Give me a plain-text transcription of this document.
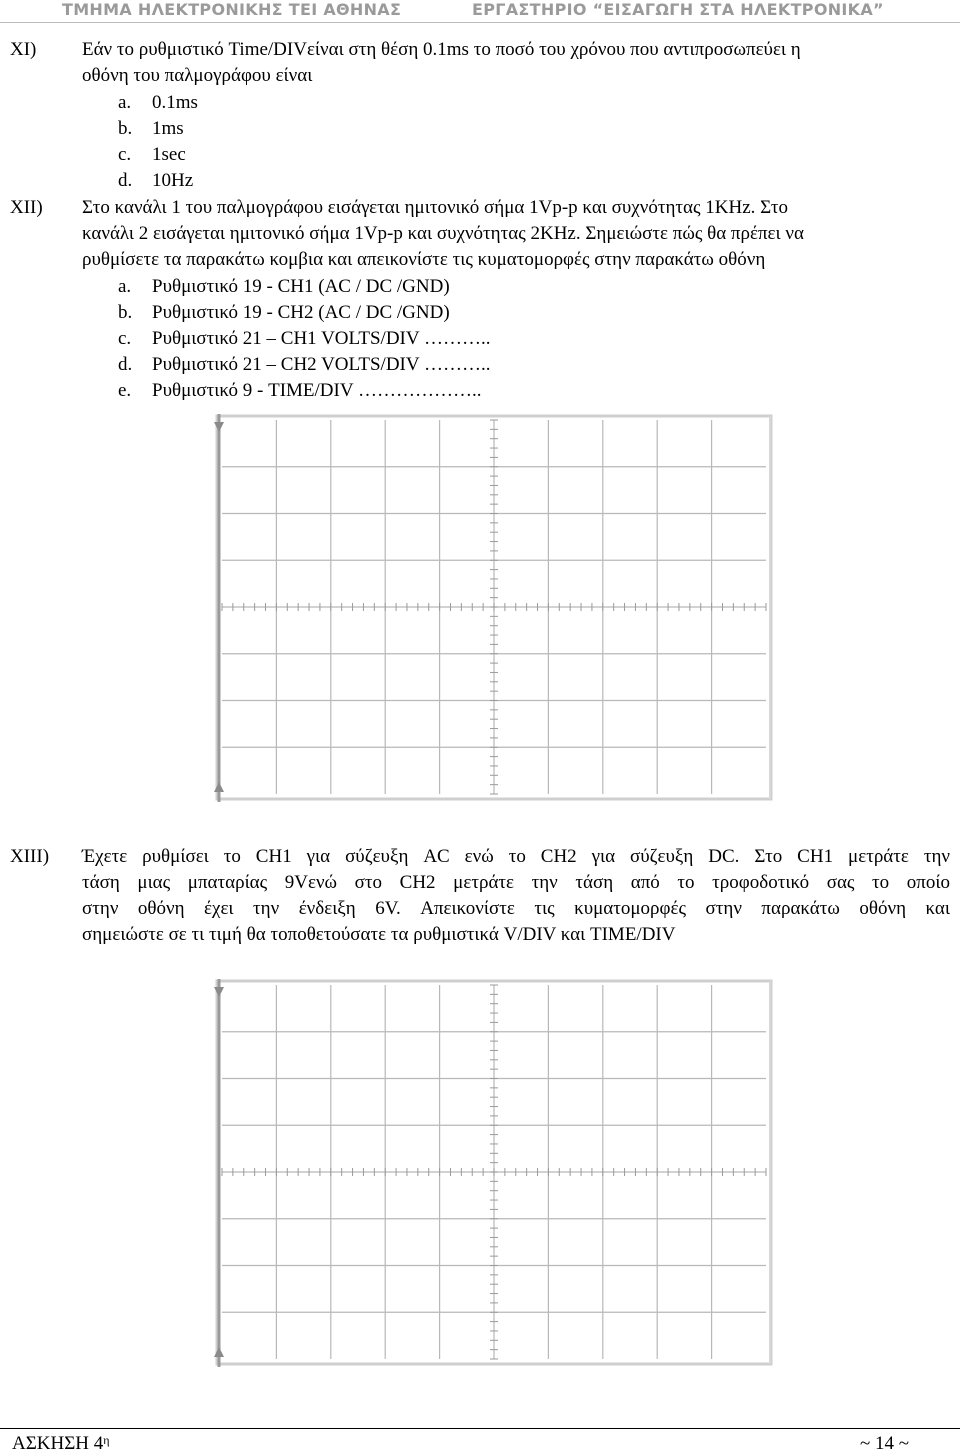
ΤΜΗΜΑ ΗΛΕΚΤΡΟΝΙΚΗΣ ΤΕΙ ΑΘΗΝΑΣ	ΕΡΓΑΣΤΗΡΙΟ “ΕΙΣΑΓΩΓΗ ΣΤΑ ΗΛΕΚΤΡΟΝΙΚΑ”
XI) Εάν το ρυθμιστικό Time/DIVείναι στη θέση 0.1ms το ποσό του χρόνου που αντιπροσωπεύει η
οθόνη του παλμογράφου είναι
a. 0.1ms
b. 1ms
c. 1sec
d. 10Hz
XII) Στο κανάλι 1 του παλμογράφου εισάγεται ημιτονικό σήμα 1Vp-p και συχνότητας 1KHz. Στο
κανάλι 2 εισάγεται ημιτονικό σήμα 1Vp-p και συχνότητας 2KHz. Σημειώστε πώς θα πρέπει να
ρυθμίσετε τα παρακάτω κομβια και απεικονίστε τις κυματομορφές στην παρακάτω οθόνη
a. Ρυθμιστικό 19 - CH1 (AC / DC /GND)
b. Ρυθμιστικό 19 - CH2 (AC / DC /GND)
c. Ρυθμιστικό 21 – CH1 VOLTS/DIV ………..
d. Ρυθμιστικό 21 – CH2 VOLTS/DIV ………..
e. Ρυθμιστικό 9 - TIME/DIV ………………..
XIII) Έχετε ρυθμίσει το CH1 για σύζευξη AC ενώ το CH2 για σύζευξη DC. Στο CH1 μετράτε την
τάση μιας μπαταρίας 9Vενώ στο CH2 μετράτε την τάση από το τροφοδοτικό σας το οποίο
στην οθόνη έχει την ένδειξη 6V. Απεικονίστε τις κυματομορφές στην παρακάτω οθόνη και
σημειώστε σε τι τιμή θα τοποθετούσατε τα ρυθμιστικά V/DIV και TIME/DIV
ΑΣΚΗΣΗ $4^\eta$	~ 14 ~
